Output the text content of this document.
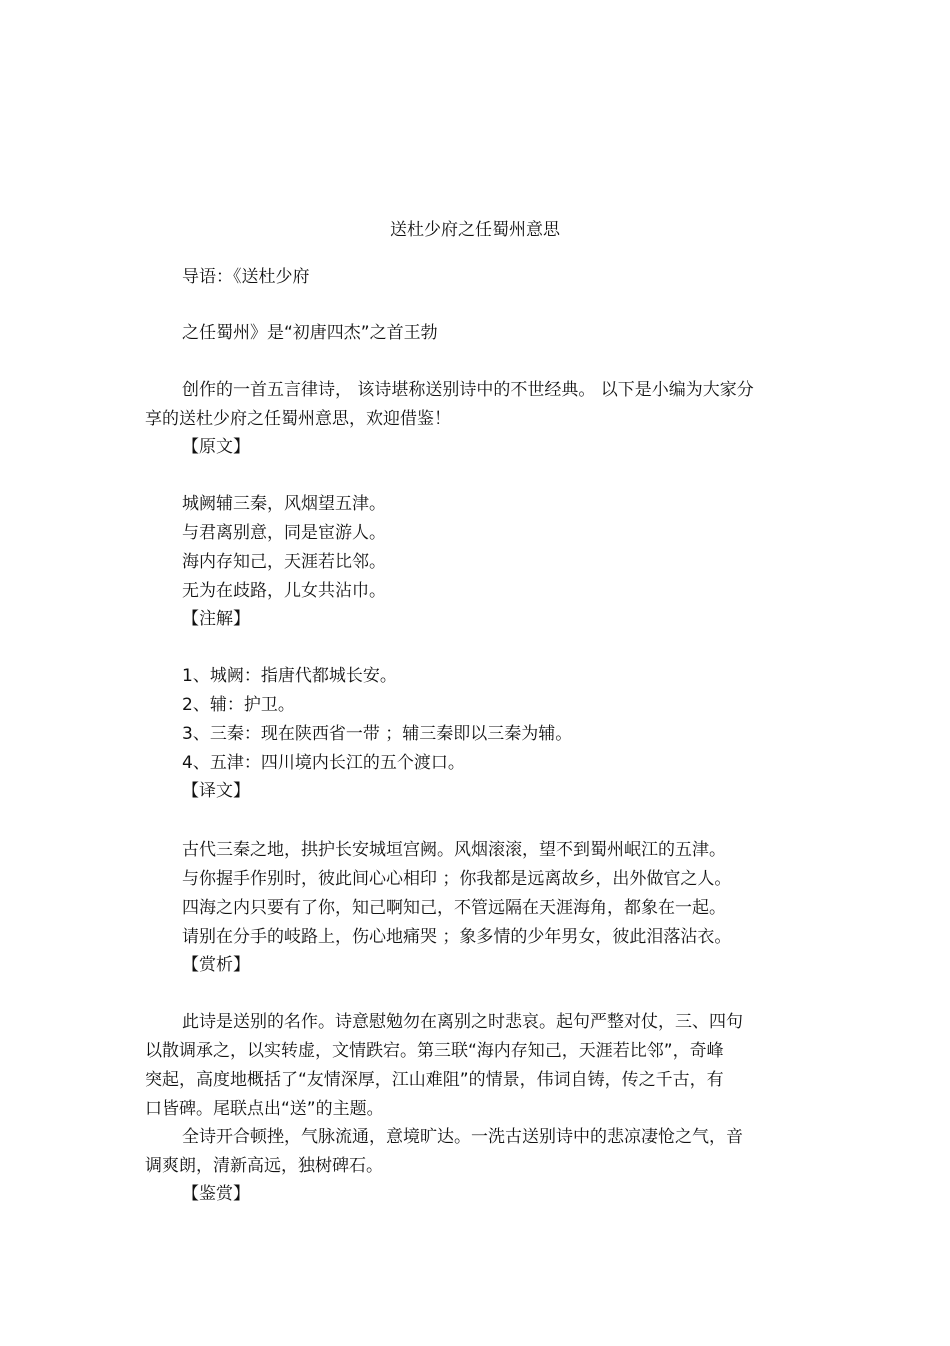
送杜少府之任蜀州意思
导语：《送杜少府
之任蜀州》是“初唐四杰”之首王勃
创作的一首五言律诗， 该诗堪称送别诗中的不世经典。 以下是小编为大家分
享的送杜少府之任蜀州意思，欢迎借鉴！
【原文】
城阙辅三秦，风烟望五津。
与君离别意，同是宦游人。
海内存知己，天涯若比邻。
无为在歧路，儿女共沾巾。
【注解】
1、城阙：指唐代都城长安。
2、辅：护卫。
3、三秦：现在陕西省一带 ；辅三秦即以三秦为辅。
4、五津：四川境内长江的五个渡口。
【译文】
古代三秦之地，拱护长安城垣宫阙。风烟滚滚，望不到蜀州岷江的五津。
与你握手作别时，彼此间心心相印 ；你我都是远离故乡，出外做官之人。
四海之内只要有了你，知己啊知己，不管远隔在天涯海角，都象在一起。
请别在分手的岐路上，伤心地痛哭 ；象多情的少年男女，彼此泪落沾衣。
【赏析】
此诗是送别的名作。诗意慰勉勿在离别之时悲哀。起句严整对仗，三、四句
以散调承之，以实转虚，文情跌宕。第三联“海内存知己，天涯若比邻”，奇峰
突起，高度地概括了“友情深厚，江山难阻”的情景，伟词自铸，传之千古，有
口皆碑。尾联点出“送”的主题。
全诗开合顿挫，气脉流通，意境旷达。一洗古送别诗中的悲凉凄怆之气，音
调爽朗，清新高远，独树碑石。
【鉴赏】
